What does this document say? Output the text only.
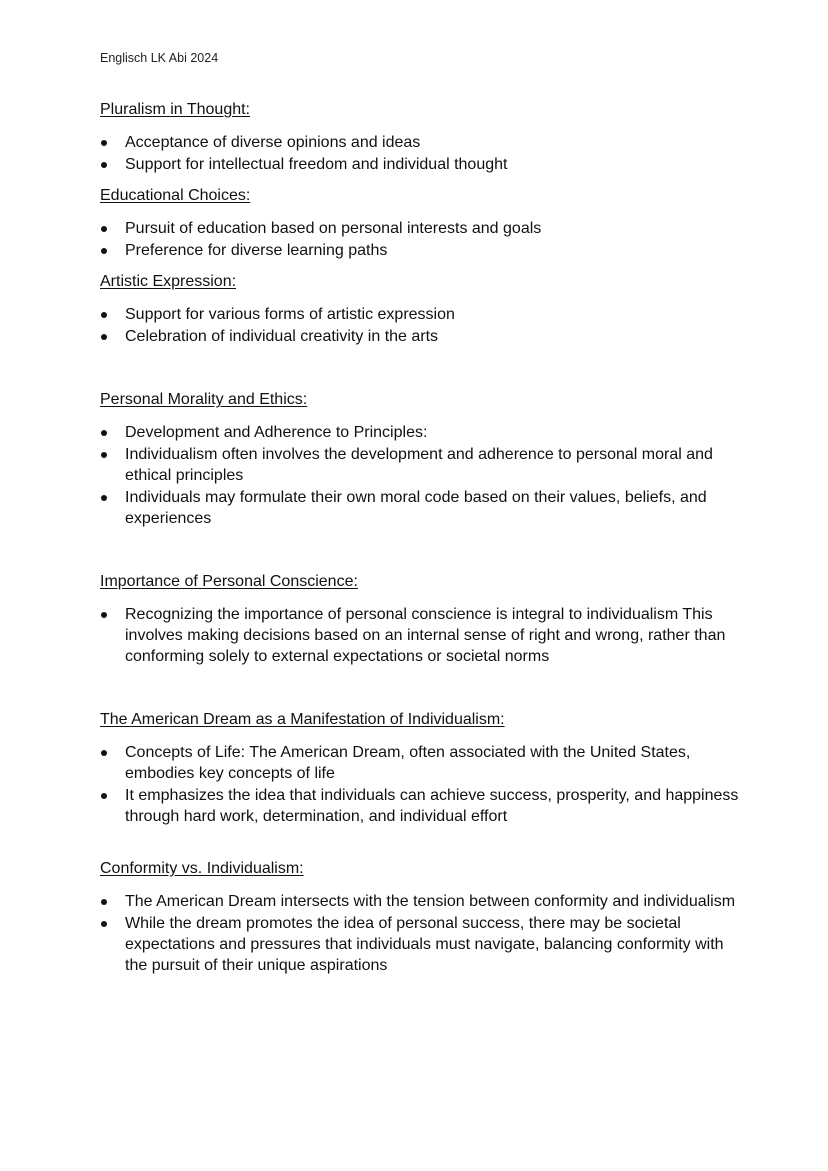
Englisch LK Abi 2024
Pluralism in Thought:
Acceptance of diverse opinions and ideas
Support for intellectual freedom and individual thought
Educational Choices:
Pursuit of education based on personal interests and goals
Preference for diverse learning paths
Artistic Expression:
Support for various forms of artistic expression
Celebration of individual creativity in the arts
Personal Morality and Ethics:
Development and Adherence to Principles:
Individualism often involves the development and adherence to personal moral and ethical principles
Individuals may formulate their own moral code based on their values, beliefs, and experiences
Importance of Personal Conscience:
Recognizing the importance of personal conscience is integral to individualism This involves making decisions based on an internal sense of right and wrong, rather than conforming solely to external expectations or societal norms
The American Dream as a Manifestation of Individualism:
Concepts of Life: The American Dream, often associated with the United States, embodies key concepts of life
It emphasizes the idea that individuals can achieve success, prosperity, and happiness through hard work, determination, and individual effort
Conformity vs. Individualism:
The American Dream intersects with the tension between conformity and individualism
While the dream promotes the idea of personal success, there may be societal expectations and pressures that individuals must navigate, balancing conformity with the pursuit of their unique aspirations
